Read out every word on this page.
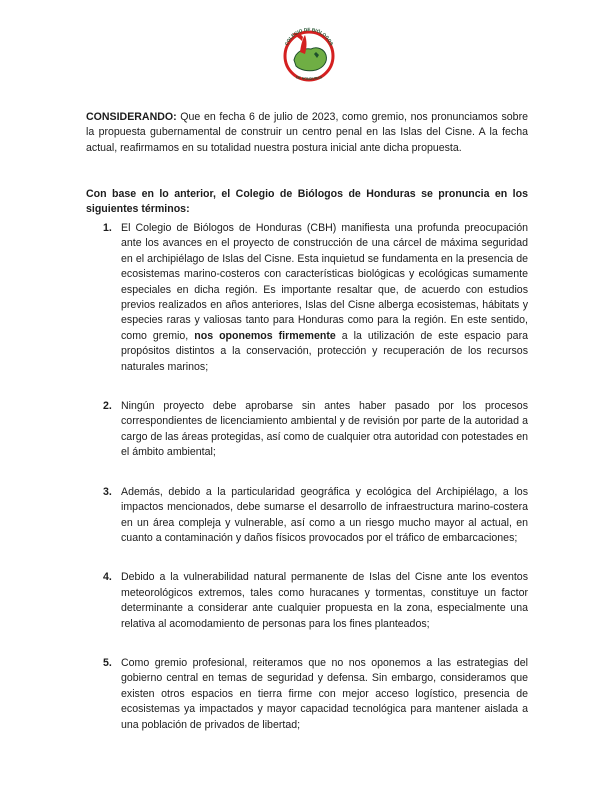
COLEGIO DE BIÓLOGOS
DE HONDURAS

CONSIDERANDO: Que en fecha 6 de julio de 2023, como gremio, nos pronunciamos sobre la propuesta gubernamental de construir un centro penal en las Islas del Cisne. A la fecha actual, reafirmamos en su totalidad nuestra postura inicial ante dicha propuesta.

Con base en lo anterior, el Colegio de Biólogos de Honduras se pronuncia en los siguientes términos:

1. El Colegio de Biólogos de Honduras (CBH) manifiesta una profunda preocupación ante los avances en el proyecto de construcción de una cárcel de máxima seguridad en el archipiélago de Islas del Cisne. Esta inquietud se fundamenta en la presencia de ecosistemas marino-costeros con características biológicas y ecológicas sumamente especiales en dicha región. Es importante resaltar que, de acuerdo con estudios previos realizados en años anteriores, Islas del Cisne alberga ecosistemas, hábitats y especies raras y valiosas tanto para Honduras como para la región. En este sentido, como gremio, nos oponemos firmemente a la utilización de este espacio para propósitos distintos a la conservación, protección y recuperación de los recursos naturales marinos;
2. Ningún proyecto debe aprobarse sin antes haber pasado por los procesos correspondientes de licenciamiento ambiental y de revisión por parte de la autoridad a cargo de las áreas protegidas, así como de cualquier otra autoridad con potestades en el ámbito ambiental;
3. Además, debido a la particularidad geográfica y ecológica del Archipiélago, a los impactos mencionados, debe sumarse el desarrollo de infraestructura marino-costera en un área compleja y vulnerable, así como a un riesgo mucho mayor al actual, en cuanto a contaminación y daños físicos provocados por el tráfico de embarcaciones;
4. Debido a la vulnerabilidad natural permanente de Islas del Cisne ante los eventos meteorológicos extremos, tales como huracanes y tormentas, constituye un factor determinante a considerar ante cualquier propuesta en la zona, especialmente una relativa al acomodamiento de personas para los fines planteados;
5. Como gremio profesional, reiteramos que no nos oponemos a las estrategias del gobierno central en temas de seguridad y defensa. Sin embargo, consideramos que existen otros espacios en tierra firme con mejor acceso logístico, presencia de ecosistemas ya impactados y mayor capacidad tecnológica para mantener aislada a una población de privados de libertad;
